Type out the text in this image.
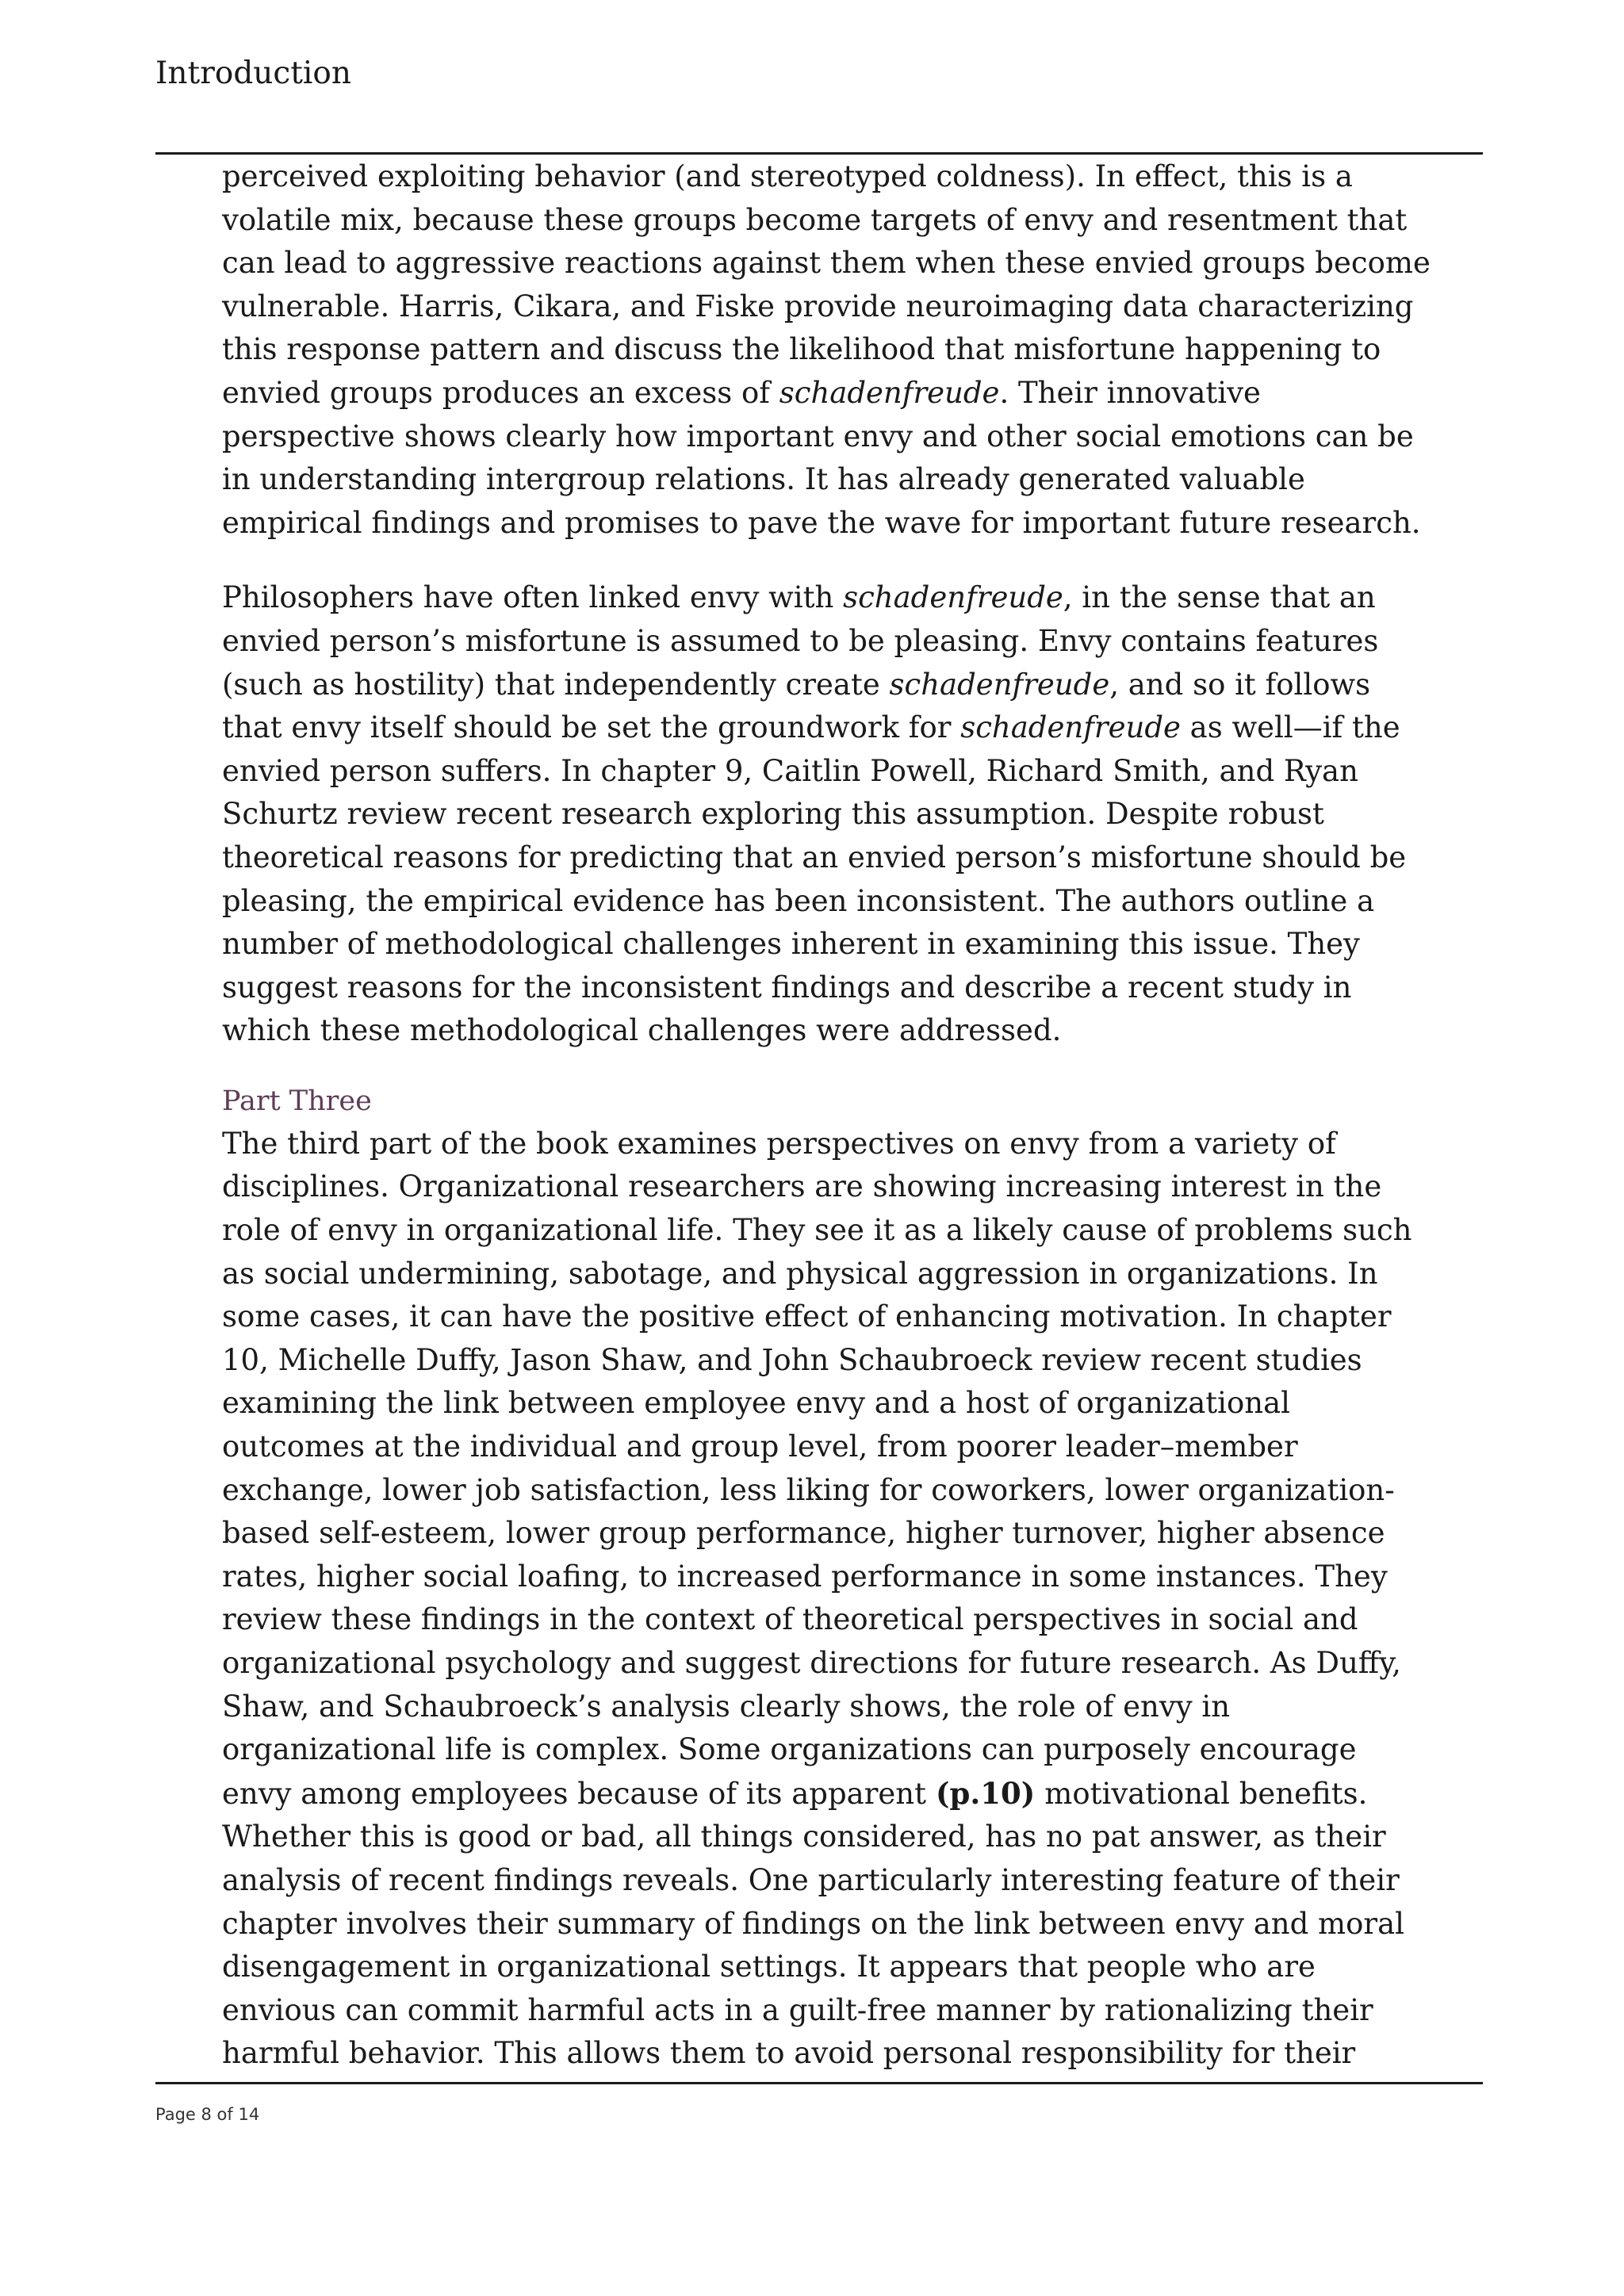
Introduction

perceived exploiting behavior (and stereotyped coldness). In effect, this is a
volatile mix, because these groups become targets of envy and resentment that
can lead to aggressive reactions against them when these envied groups become
vulnerable. Harris, Cikara, and Fiske provide neuroimaging data characterizing
this response pattern and discuss the likelihood that misfortune happening to
envied groups produces an excess of schadenfreude. Their innovative
perspective shows clearly how important envy and other social emotions can be
in understanding intergroup relations. It has already generated valuable
empirical findings and promises to pave the wave for important future research.

Philosophers have often linked envy with schadenfreude, in the sense that an
envied person’s misfortune is assumed to be pleasing. Envy contains features
(such as hostility) that independently create schadenfreude, and so it follows
that envy itself should be set the groundwork for schadenfreude as well—if the
envied person suffers. In chapter 9, Caitlin Powell, Richard Smith, and Ryan
Schurtz review recent research exploring this assumption. Despite robust
theoretical reasons for predicting that an envied person’s misfortune should be
pleasing, the empirical evidence has been inconsistent. The authors outline a
number of methodological challenges inherent in examining this issue. They
suggest reasons for the inconsistent findings and describe a recent study in
which these methodological challenges were addressed.

Part Three

The third part of the book examines perspectives on envy from a variety of
disciplines. Organizational researchers are showing increasing interest in the
role of envy in organizational life. They see it as a likely cause of problems such
as social undermining, sabotage, and physical aggression in organizations. In
some cases, it can have the positive effect of enhancing motivation. In chapter
10, Michelle Duffy, Jason Shaw, and John Schaubroeck review recent studies
examining the link between employee envy and a host of organizational
outcomes at the individual and group level, from poorer leader–member
exchange, lower job satisfaction, less liking for coworkers, lower organization-
based self-esteem, lower group performance, higher turnover, higher absence
rates, higher social loafing, to increased performance in some instances. They
review these findings in the context of theoretical perspectives in social and
organizational psychology and suggest directions for future research. As Duffy,
Shaw, and Schaubroeck’s analysis clearly shows, the role of envy in
organizational life is complex. Some organizations can purposely encourage
envy among employees because of its apparent (p.10) motivational benefits.
Whether this is good or bad, all things considered, has no pat answer, as their
analysis of recent findings reveals. One particularly interesting feature of their
chapter involves their summary of findings on the link between envy and moral
disengagement in organizational settings. It appears that people who are
envious can commit harmful acts in a guilt-free manner by rationalizing their
harmful behavior. This allows them to avoid personal responsibility for their

Page 8 of 14
